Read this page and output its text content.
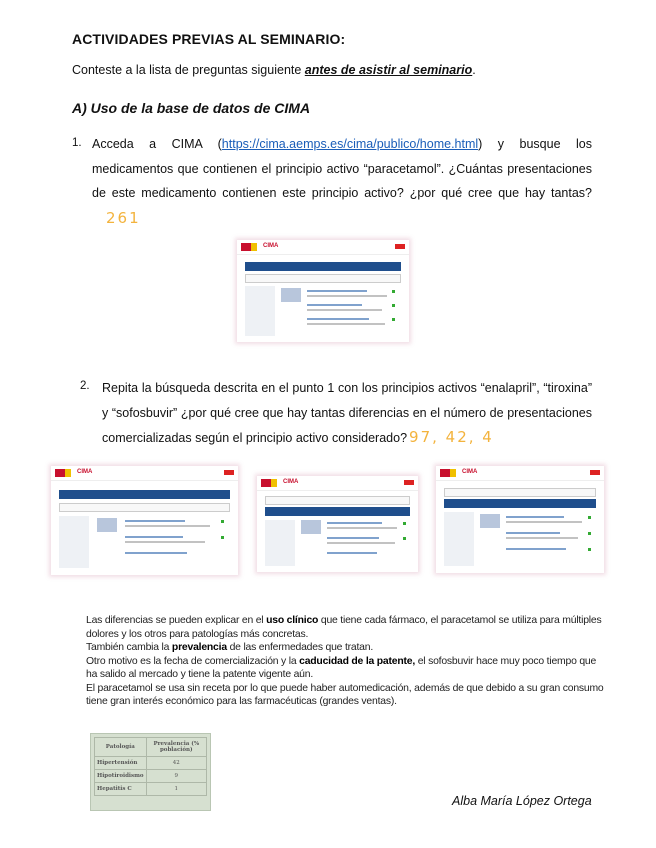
ACTIVIDADES PREVIAS AL SEMINARIO:
Conteste a la lista de preguntas siguiente antes de asistir al seminario.
A) Uso de la base de datos de CIMA
1. Acceda a CIMA (https://cima.aemps.es/cima/publico/home.html) y busque los medicamentos que contienen el principio activo “paracetamol”. ¿Cuántas presentaciones de este medicamento contienen este principio activo? ¿por qué cree que hay tantas?261
CIMA
2. Repita la búsqueda descrita en el punto 1 con los principios activos “enalapril”, “tiroxina” y “sofosbuvir” ¿por qué cree que hay tantas diferencias en el número de presentaciones comercializadas según el principio activo considerado? 97, 42, 4
CIMA
CIMA
CIMA
Las diferencias se pueden explicar en el uso clínico que tiene cada fármaco, el paracetamol se utiliza para múltiples dolores y los otros para patologías más concretas.
También cambia la prevalencia de las enfermedades que tratan.
Otro motivo es la fecha de comercialización y la caducidad de la patente, el sofosbuvir hace muy poco tiempo que ha salido al mercado y tiene la patente vigente aún.
El paracetamol se usa sin receta por lo que puede haber automedicación, además de que debido a su gran consumo tiene gran interés económico para las farmacéuticas (grandes ventas).
Patología	Prevalencia (% población)
Hipertensión	42
Hipotiroidismo	9
Hepatitis C	1
Alba María López Ortega
